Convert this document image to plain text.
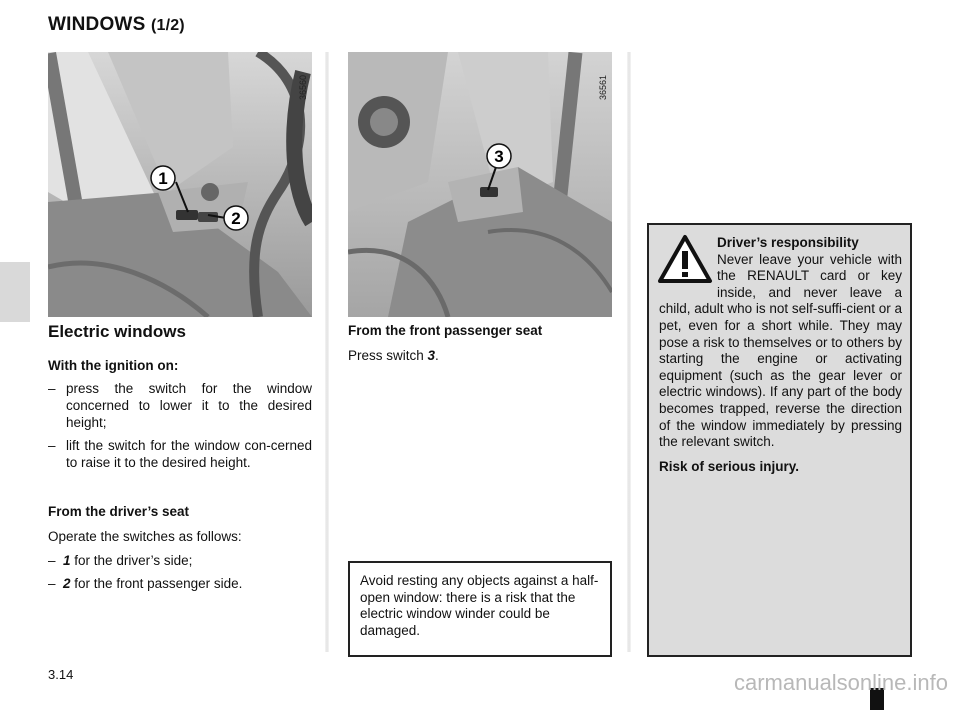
WINDOWS (1/2)
1
2
36560
3
36561
Electric windows
With the ignition on:
– press the switch for the window concerned to lower it to the desired height;
– lift the switch for the window con-cerned to raise it to the desired height.
From the driver’s seat
Operate the switches as follows:
– 1 for the driver’s side;
– 2 for the front passenger side.
From the front passenger seat
Press switch 3.
Avoid resting any objects against a half-open window: there is a risk that the electric window winder could be damaged.
Driver’s responsibility
Never leave your vehicle with the RENAULT card or key inside, and never leave a child, adult who is not self-suffi-cient or a pet, even for a short while. They may pose a risk to themselves or to others by starting the engine or activating equipment (such as the gear lever or electric windows). If any part of the body becomes trapped, reverse the direction of the window immediately by pressing the relevant switch.
Risk of serious injury.
3.14	carmanualsonline.info
